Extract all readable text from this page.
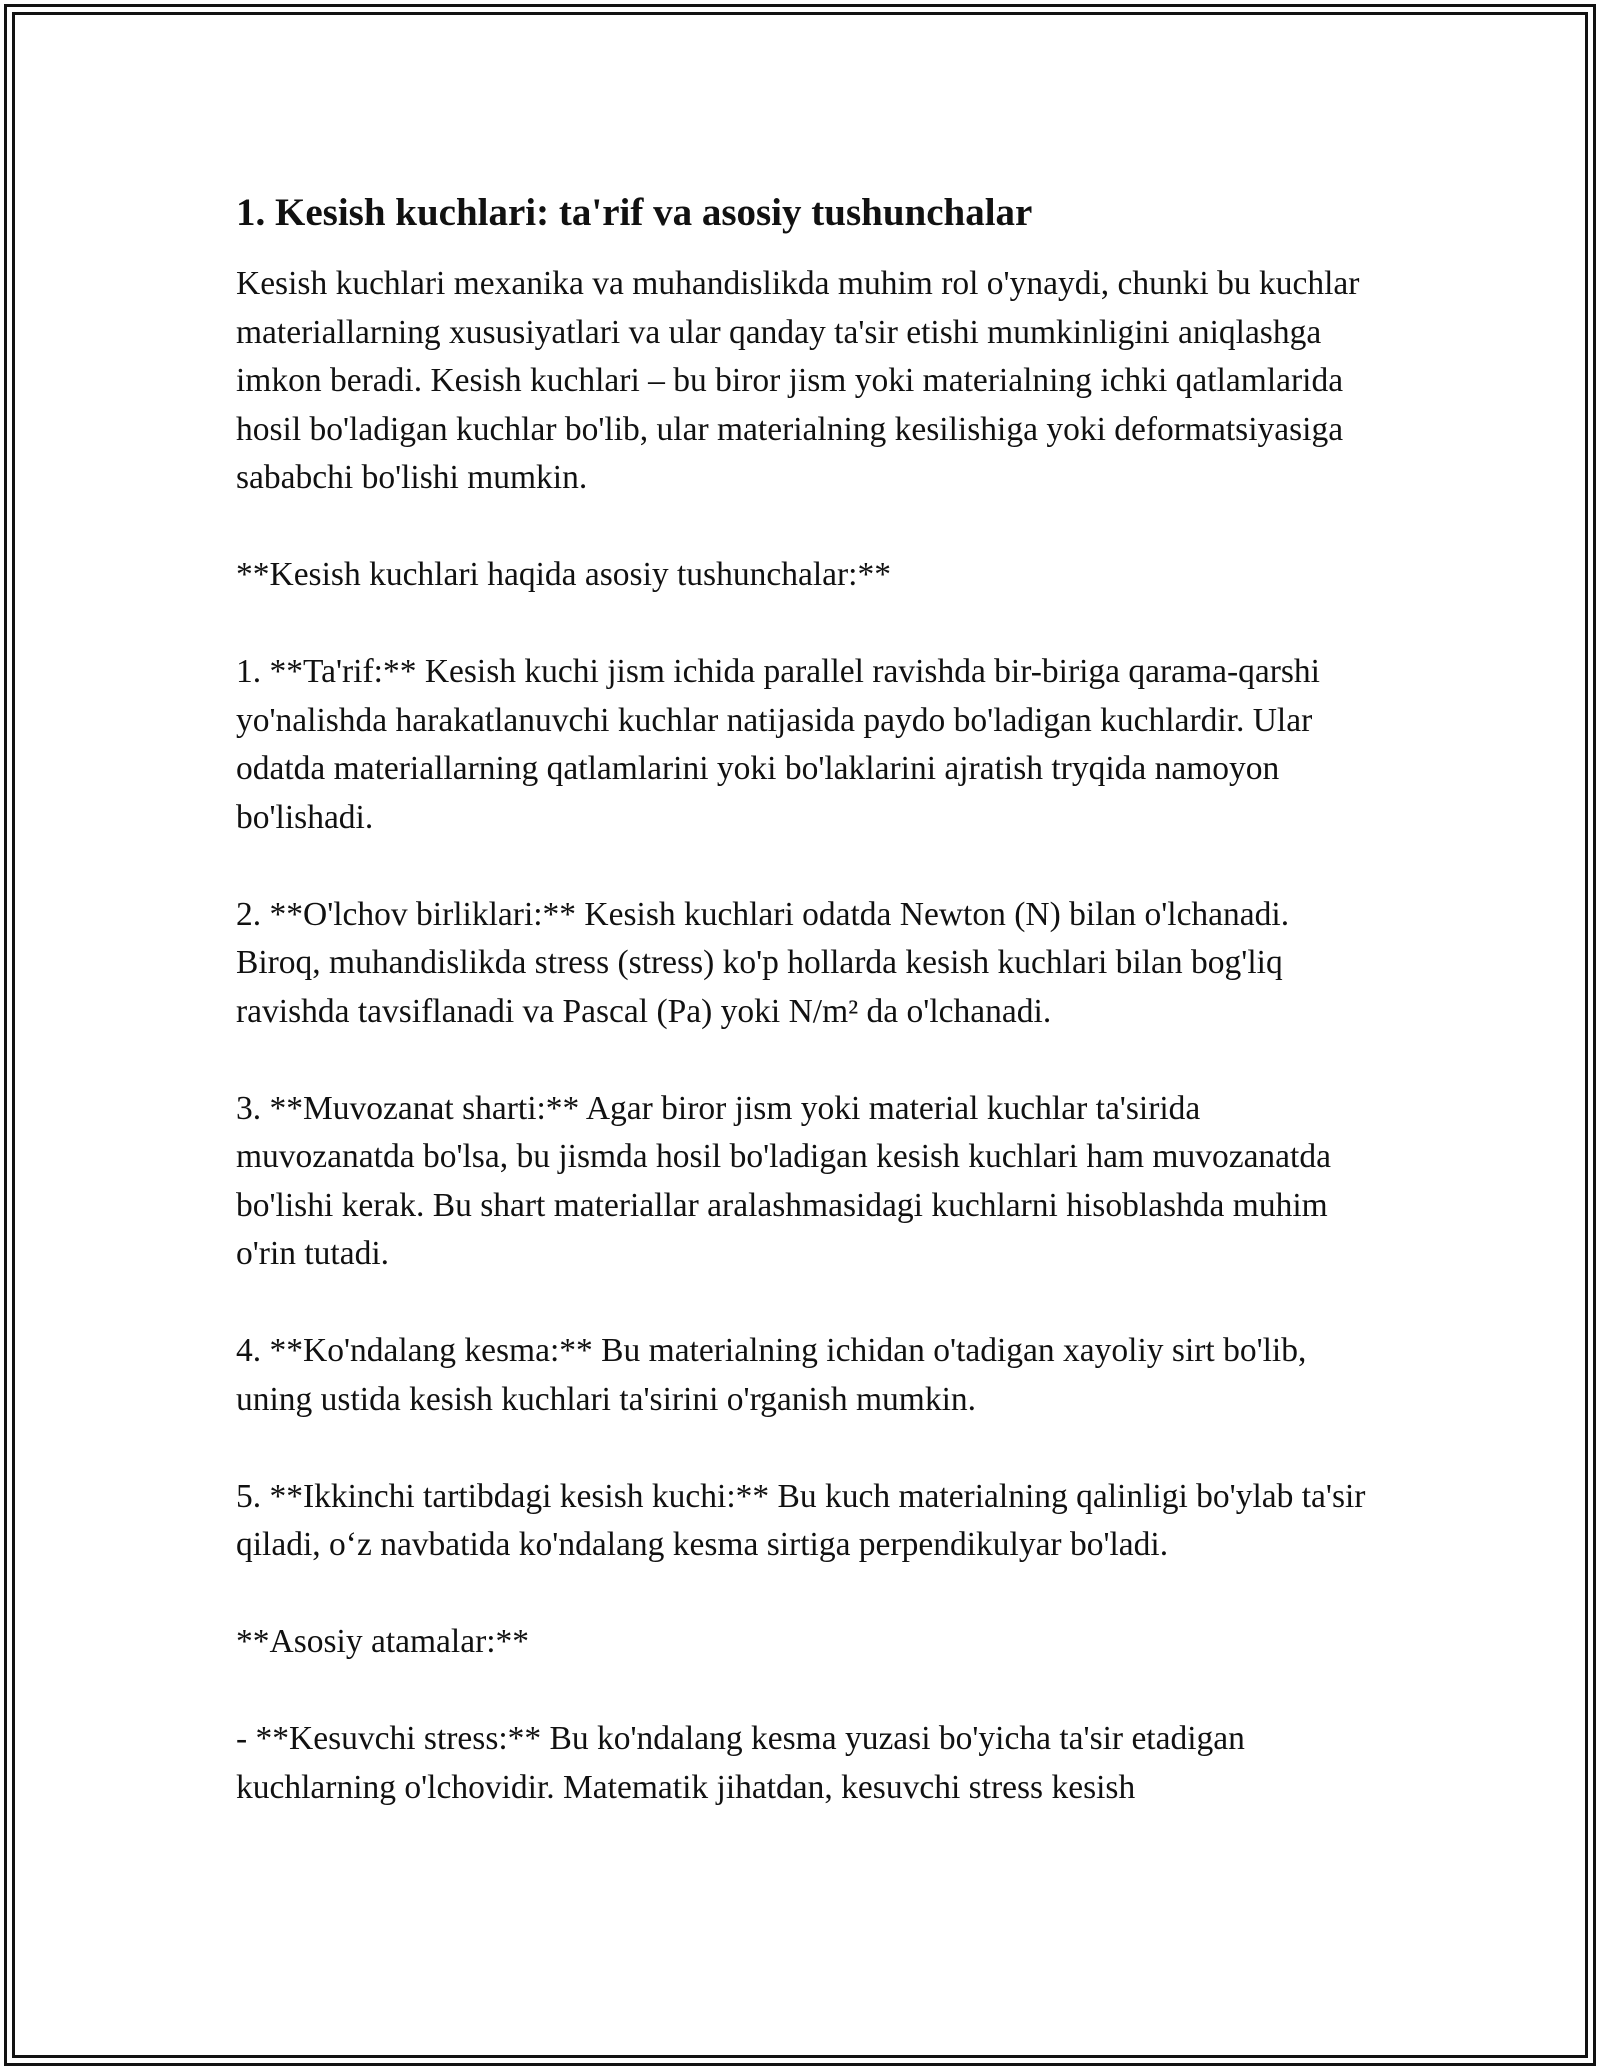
1. Kesish kuchlari: ta'rif va asosiy tushunchalar

Kesish kuchlari mexanika va muhandislikda muhim rol o'ynaydi, chunki bu kuchlar materiallarning xususiyatlari va ular qanday ta'sir etishi mumkinligini aniqlashga imkon beradi. Kesish kuchlari – bu biror jism yoki materialning ichki qatlamlarida hosil bo'ladigan kuchlar bo'lib, ular materialning kesilishiga yoki deformatsiyasiga sababchi bo'lishi mumkin.

**Kesish kuchlari haqida asosiy tushunchalar:**

1. **Ta'rif:** Kesish kuchi jism ichida parallel ravishda bir-biriga qarama-qarshi yo'nalishda harakatlanuvchi kuchlar natijasida paydo bo'ladigan kuchlardir. Ular odatda materiallarning qatlamlarini yoki bo'laklarini ajratish tryqida namoyon bo'lishadi.

2. **O'lchov birliklari:** Kesish kuchlari odatda Newton (N) bilan o'lchanadi. Biroq, muhandislikda stress (stress) ko'p hollarda kesish kuchlari bilan bog'liq ravishda tavsiflanadi va Pascal (Pa) yoki N/m² da o'lchanadi.

3. **Muvozanat sharti:** Agar biror jism yoki material kuchlar ta'sirida muvozanatda bo'lsa, bu jismda hosil bo'ladigan kesish kuchlari ham muvozanatda bo'lishi kerak. Bu shart materiallar aralashmasidagi kuchlarni hisoblashda muhim o'rin tutadi.

4. **Ko'ndalang kesma:** Bu materialning ichidan o'tadigan xayoliy sirt bo'lib, uning ustida kesish kuchlari ta'sirini o'rganish mumkin.

5. **Ikkinchi tartibdagi kesish kuchi:** Bu kuch materialning qalinligi bo'ylab ta'sir qiladi, o‘z navbatida ko'ndalang kesma sirtiga perpendikulyar bo'ladi.

**Asosiy atamalar:**

- **Kesuvchi stress:** Bu ko'ndalang kesma yuzasi bo'yicha ta'sir etadigan kuchlarning o'lchovidir. Matematik jihatdan, kesuvchi stress kesish
